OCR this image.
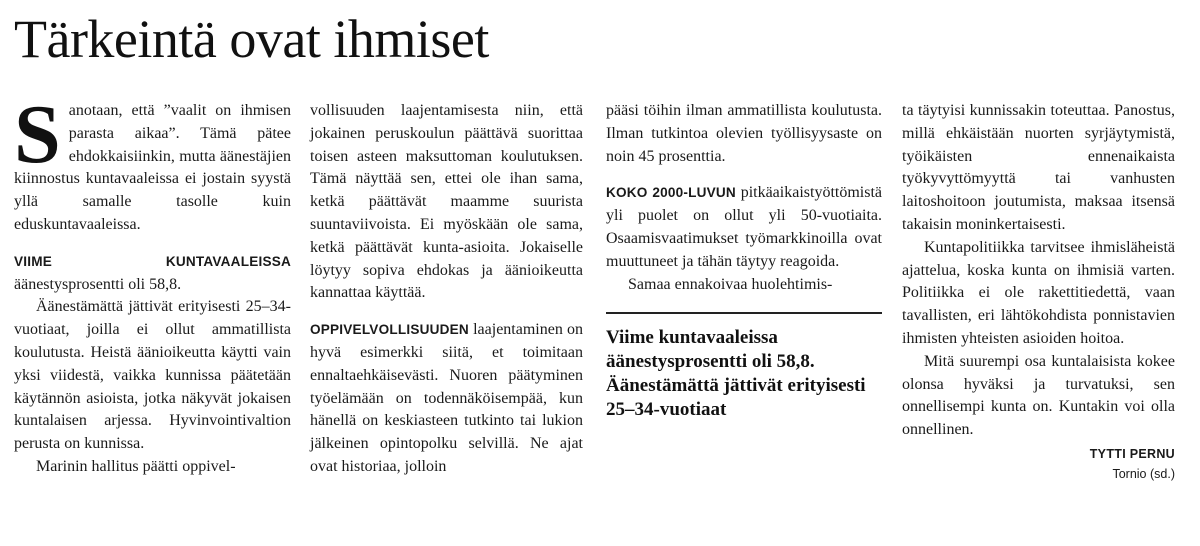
Tärkeintä ovat ihmiset

Sanotaan, että ”vaalit on ihmisen parasta aikaa”. Tämä pätee ehdokkaisiinkin, mutta äänestäjien kiinnostus kuntavaaleissa ei jostain syystä yllä samalle tasolle kuin eduskuntavaaleissa.

VIIME KUNTAVAALEISSA äänestysprosentti oli 58,8.

Äänestämättä jättivät erityisesti 25–34-vuotiaat, joilla ei ollut ammatillista koulutusta. Heistä äänioikeutta käytti vain yksi viidestä, vaikka kunnissa päätetään käytännön asioista, jotka näkyvät jokaisen kuntalaisen arjessa. Hyvinvointivaltion perusta on kunnissa.

Marinin hallitus päätti oppivel-

vollisuuden laajentamisesta niin, että jokainen peruskoulun päättävä suorittaa toisen asteen maksuttoman koulutuksen. Tämä näyttää sen, ettei ole ihan sama, ketkä päättävät maamme suurista suuntaviivoista. Ei myöskään ole sama, ketkä päättävät kunta-asioita. Jokaiselle löytyy sopiva ehdokas ja äänioikeutta kannattaa käyttää.

OPPIVELVOLLISUUDEN laajentaminen on hyvä esimerkki siitä, et toimitaan ennaltaehkäisevästi. Nuoren päätyminen työelämään on todennäköisempää, kun hänellä on keskiasteen tutkinto tai lukion jälkeinen opintopolku selvillä. Ne ajat ovat historiaa, jolloin

pääsi töihin ilman ammatillista koulutusta. Ilman tutkintoa olevien työllisyysaste on noin 45 prosenttia.

KOKO 2000-LUVUN pitkäaikaistyöttömistä yli puolet on ollut yli 50-vuotiaita. Osaamisvaatimukset työmarkkinoilla ovat muuttuneet ja tähän täytyy reagoida.

Samaa ennakoivaa huolehtimis-

Viime kuntavaaleissa äänestysprosentti oli 58,8. Äänestämättä jättivät erityisesti 25–34-vuotiaat

ta täytyisi kunnissakin toteuttaa. Panostus, millä ehkäistään nuorten syrjäytymistä, työikäisten ennenaikaista työkyvyttömyyttä tai vanhusten laitoshoitoon joutumista, maksaa itsensä takaisin moninkertaisesti.

Kuntapolitiikka tarvitsee ihmisläheistä ajattelua, koska kunta on ihmisiä varten. Politiikka ei ole rakettitiedettä, vaan tavallisten, eri lähtökohdista ponnistavien ihmisten yhteisten asioiden hoitoa.

Mitä suurempi osa kuntalaisista kokee olonsa hyväksi ja turvatuksi, sen onnellisempi kunta on. Kuntakin voi olla onnellinen.

TYTTI PERNU
Tornio (sd.)
